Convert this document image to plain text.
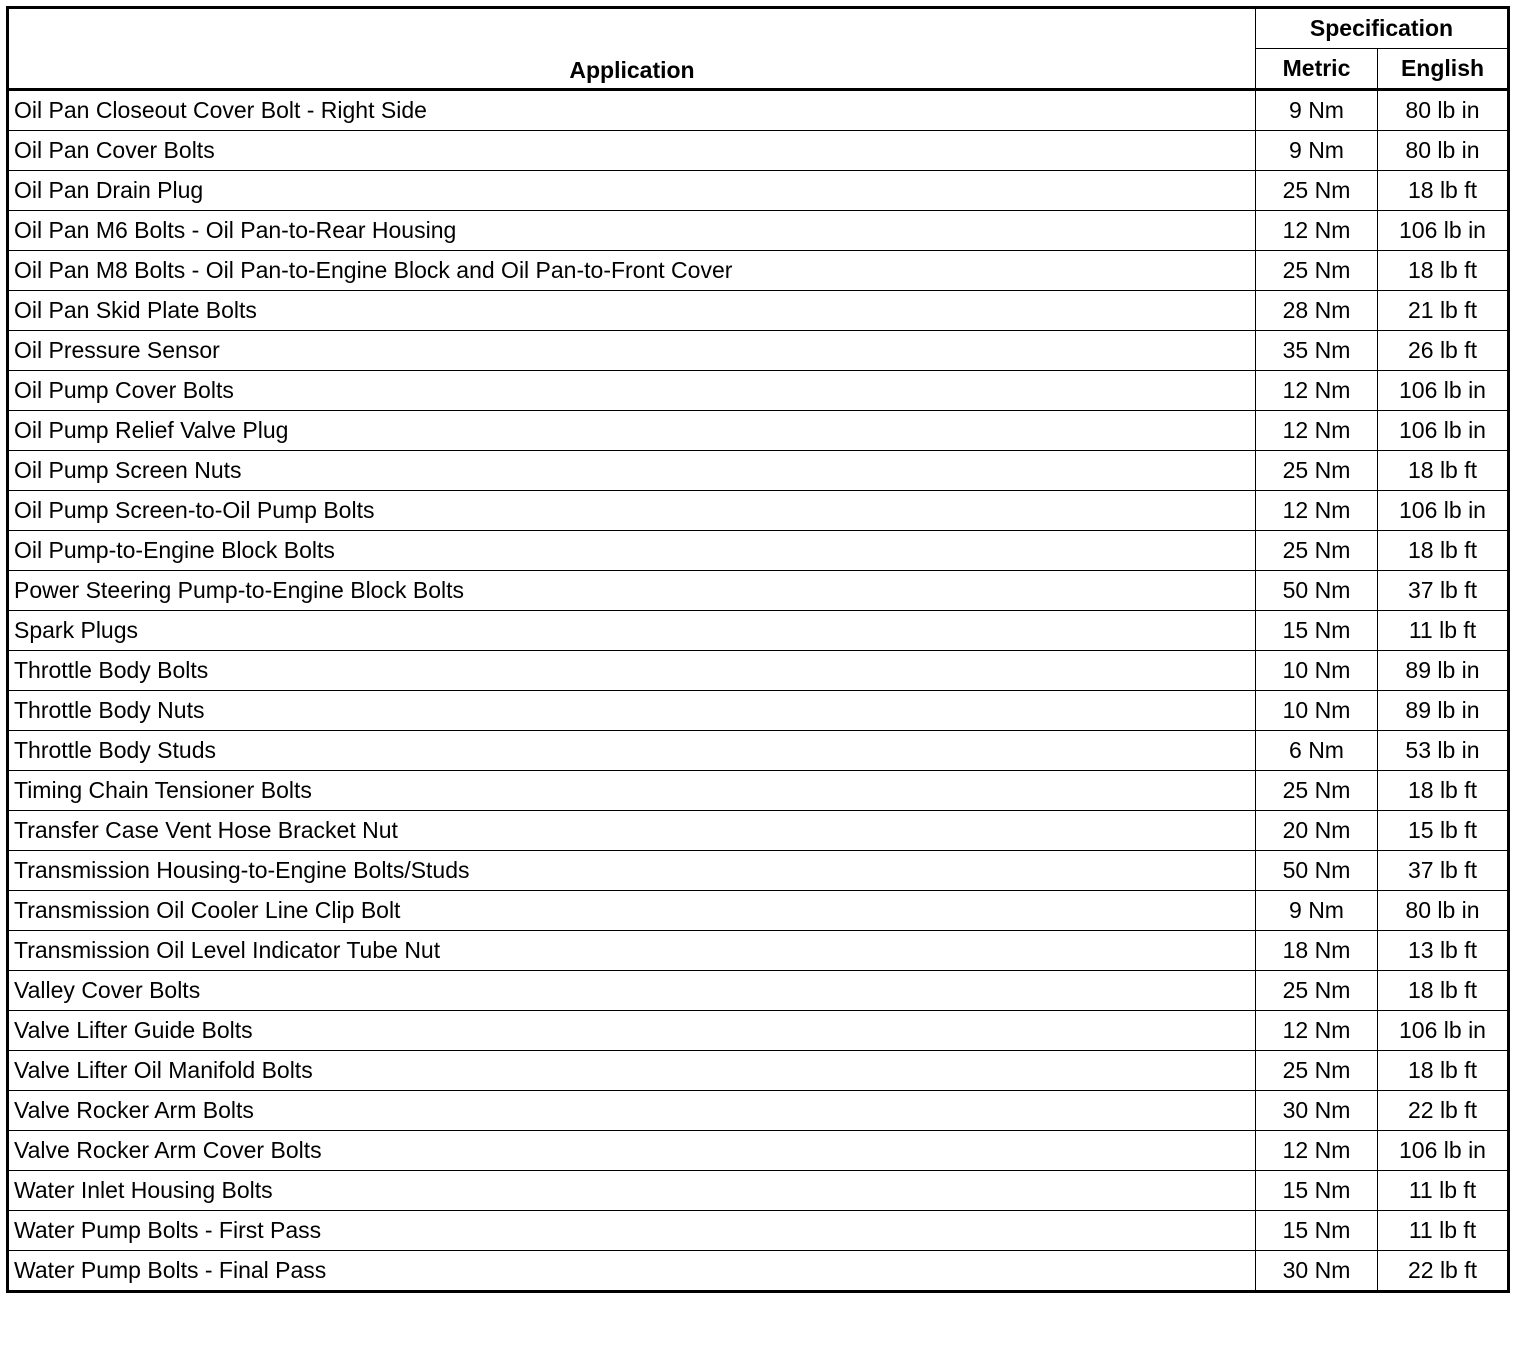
Application	Specification	
	Metric	English
Oil Pan Closeout Cover Bolt - Right Side	9 Nm	80 lb in
Oil Pan Cover Bolts	9 Nm	80 lb in
Oil Pan Drain Plug	25 Nm	18 lb ft
Oil Pan M6 Bolts - Oil Pan-to-Rear Housing	12 Nm	106 lb in
Oil Pan M8 Bolts - Oil Pan-to-Engine Block and Oil Pan-to-Front Cover	25 Nm	18 lb ft
Oil Pan Skid Plate Bolts	28 Nm	21 lb ft
Oil Pressure Sensor	35 Nm	26 lb ft
Oil Pump Cover Bolts	12 Nm	106 lb in
Oil Pump Relief Valve Plug	12 Nm	106 lb in
Oil Pump Screen Nuts	25 Nm	18 lb ft
Oil Pump Screen-to-Oil Pump Bolts	12 Nm	106 lb in
Oil Pump-to-Engine Block Bolts	25 Nm	18 lb ft
Power Steering Pump-to-Engine Block Bolts	50 Nm	37 lb ft
Spark Plugs	15 Nm	11 lb ft
Throttle Body Bolts	10 Nm	89 lb in
Throttle Body Nuts	10 Nm	89 lb in
Throttle Body Studs	6 Nm	53 lb in
Timing Chain Tensioner Bolts	25 Nm	18 lb ft
Transfer Case Vent Hose Bracket Nut	20 Nm	15 lb ft
Transmission Housing-to-Engine Bolts/Studs	50 Nm	37 lb ft
Transmission Oil Cooler Line Clip Bolt	9 Nm	80 lb in
Transmission Oil Level Indicator Tube Nut	18 Nm	13 lb ft
Valley Cover Bolts	25 Nm	18 lb ft
Valve Lifter Guide Bolts	12 Nm	106 lb in
Valve Lifter Oil Manifold Bolts	25 Nm	18 lb ft
Valve Rocker Arm Bolts	30 Nm	22 lb ft
Valve Rocker Arm Cover Bolts	12 Nm	106 lb in
Water Inlet Housing Bolts	15 Nm	11 lb ft
Water Pump Bolts - First Pass	15 Nm	11 lb ft
Water Pump Bolts - Final Pass	30 Nm	22 lb ft
